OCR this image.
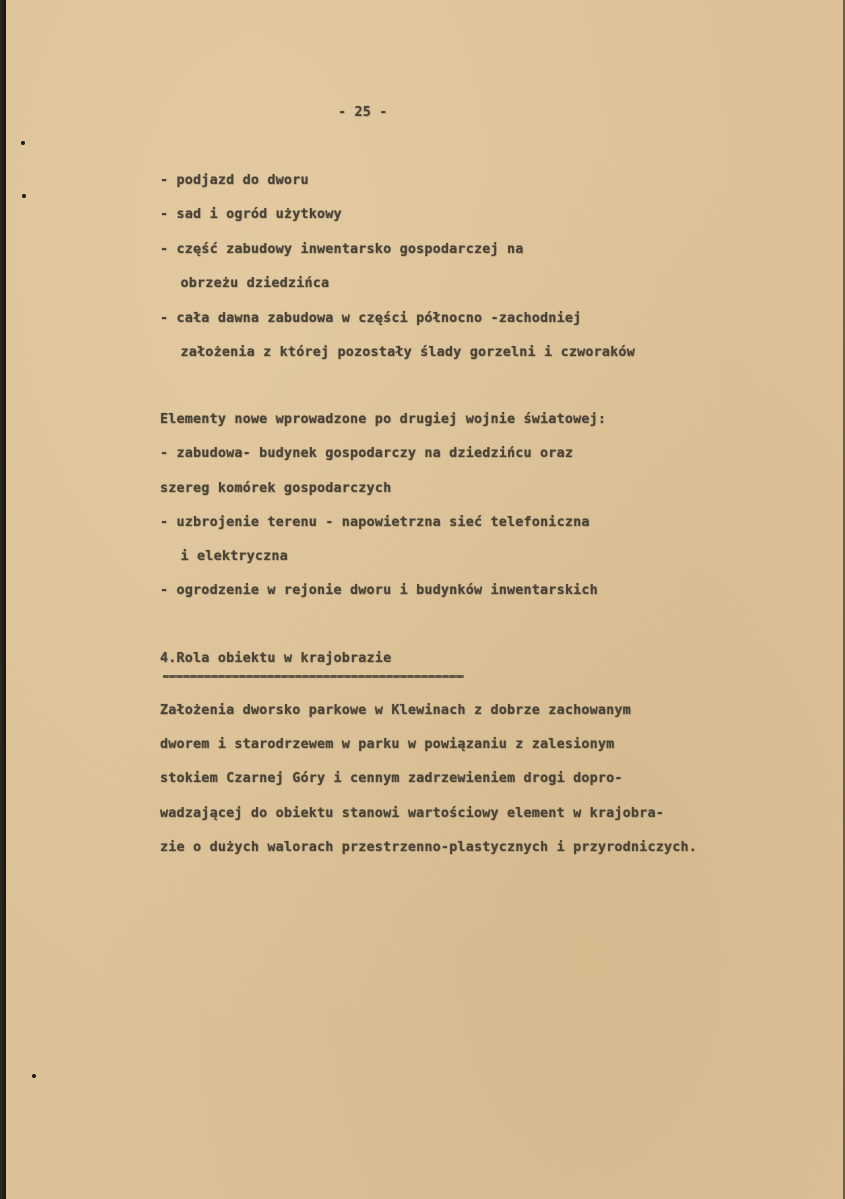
- 25 -
- podjazd do dworu
- sad i ogród użytkowy
- część zabudowy inwentarsko gospodarczej na
obrzeżu dziedzińca
- cała dawna zabudowa w części północno -zachodniej
założenia z której pozostały ślady gorzelni i czworaków
Elementy nowe wprowadzone po drugiej wojnie światowej:
- zabudowa- budynek gospodarczy na dziedzińcu oraz
szereg komórek gospodarczych
- uzbrojenie terenu - napowietrzna sieć telefoniczna
i elektryczna
- ogrodzenie w rejonie dworu i budynków inwentarskich
4.Rola obiektu w krajobrazie
Założenia dworsko parkowe w Klewinach z dobrze zachowanym
dworem i starodrzewem w parku w powiązaniu z zalesionym
stokiem Czarnej Góry i cennym zadrzewieniem drogi dopro-
wadzającej do obiektu stanowi wartościowy element w krajobra-
zie o dużych walorach przestrzenno-plastycznych i przyrodniczych.
